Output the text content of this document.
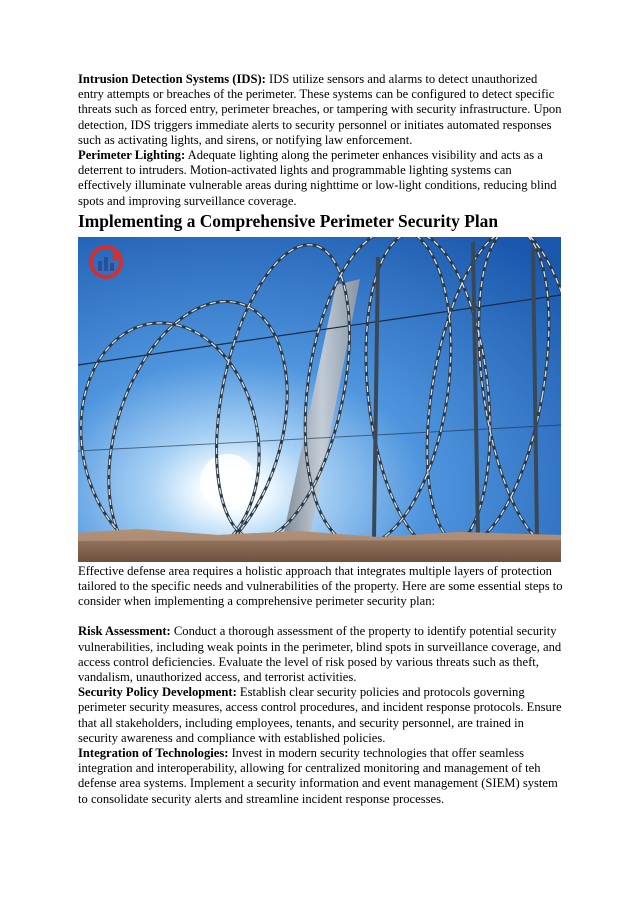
Intrusion Detection Systems (IDS): IDS utilize sensors and alarms to detect unauthorized entry attempts or breaches of the perimeter. These systems can be configured to detect specific threats such as forced entry, perimeter breaches, or tampering with security infrastructure. Upon detection, IDS triggers immediate alerts to security personnel or initiates automated responses such as activating lights, and sirens, or notifying law enforcement.

Perimeter Lighting: Adequate lighting along the perimeter enhances visibility and acts as a deterrent to intruders. Motion-activated lights and programmable lighting systems can effectively illuminate vulnerable areas during nighttime or low-light conditions, reducing blind spots and improving surveillance coverage.

Implementing a Comprehensive Perimeter Security Plan

Effective defense area requires a holistic approach that integrates multiple layers of protection tailored to the specific needs and vulnerabilities of the property. Here are some essential steps to consider when implementing a comprehensive perimeter security plan:

Risk Assessment: Conduct a thorough assessment of the property to identify potential security vulnerabilities, including weak points in the perimeter, blind spots in surveillance coverage, and access control deficiencies. Evaluate the level of risk posed by various threats such as theft, vandalism, unauthorized access, and terrorist activities.

Security Policy Development: Establish clear security policies and protocols governing perimeter security measures, access control procedures, and incident response protocols. Ensure that all stakeholders, including employees, tenants, and security personnel, are trained in security awareness and compliance with established policies.

Integration of Technologies: Invest in modern security technologies that offer seamless integration and interoperability, allowing for centralized monitoring and management of teh defense area systems. Implement a security information and event management (SIEM) system to consolidate security alerts and streamline incident response processes.
